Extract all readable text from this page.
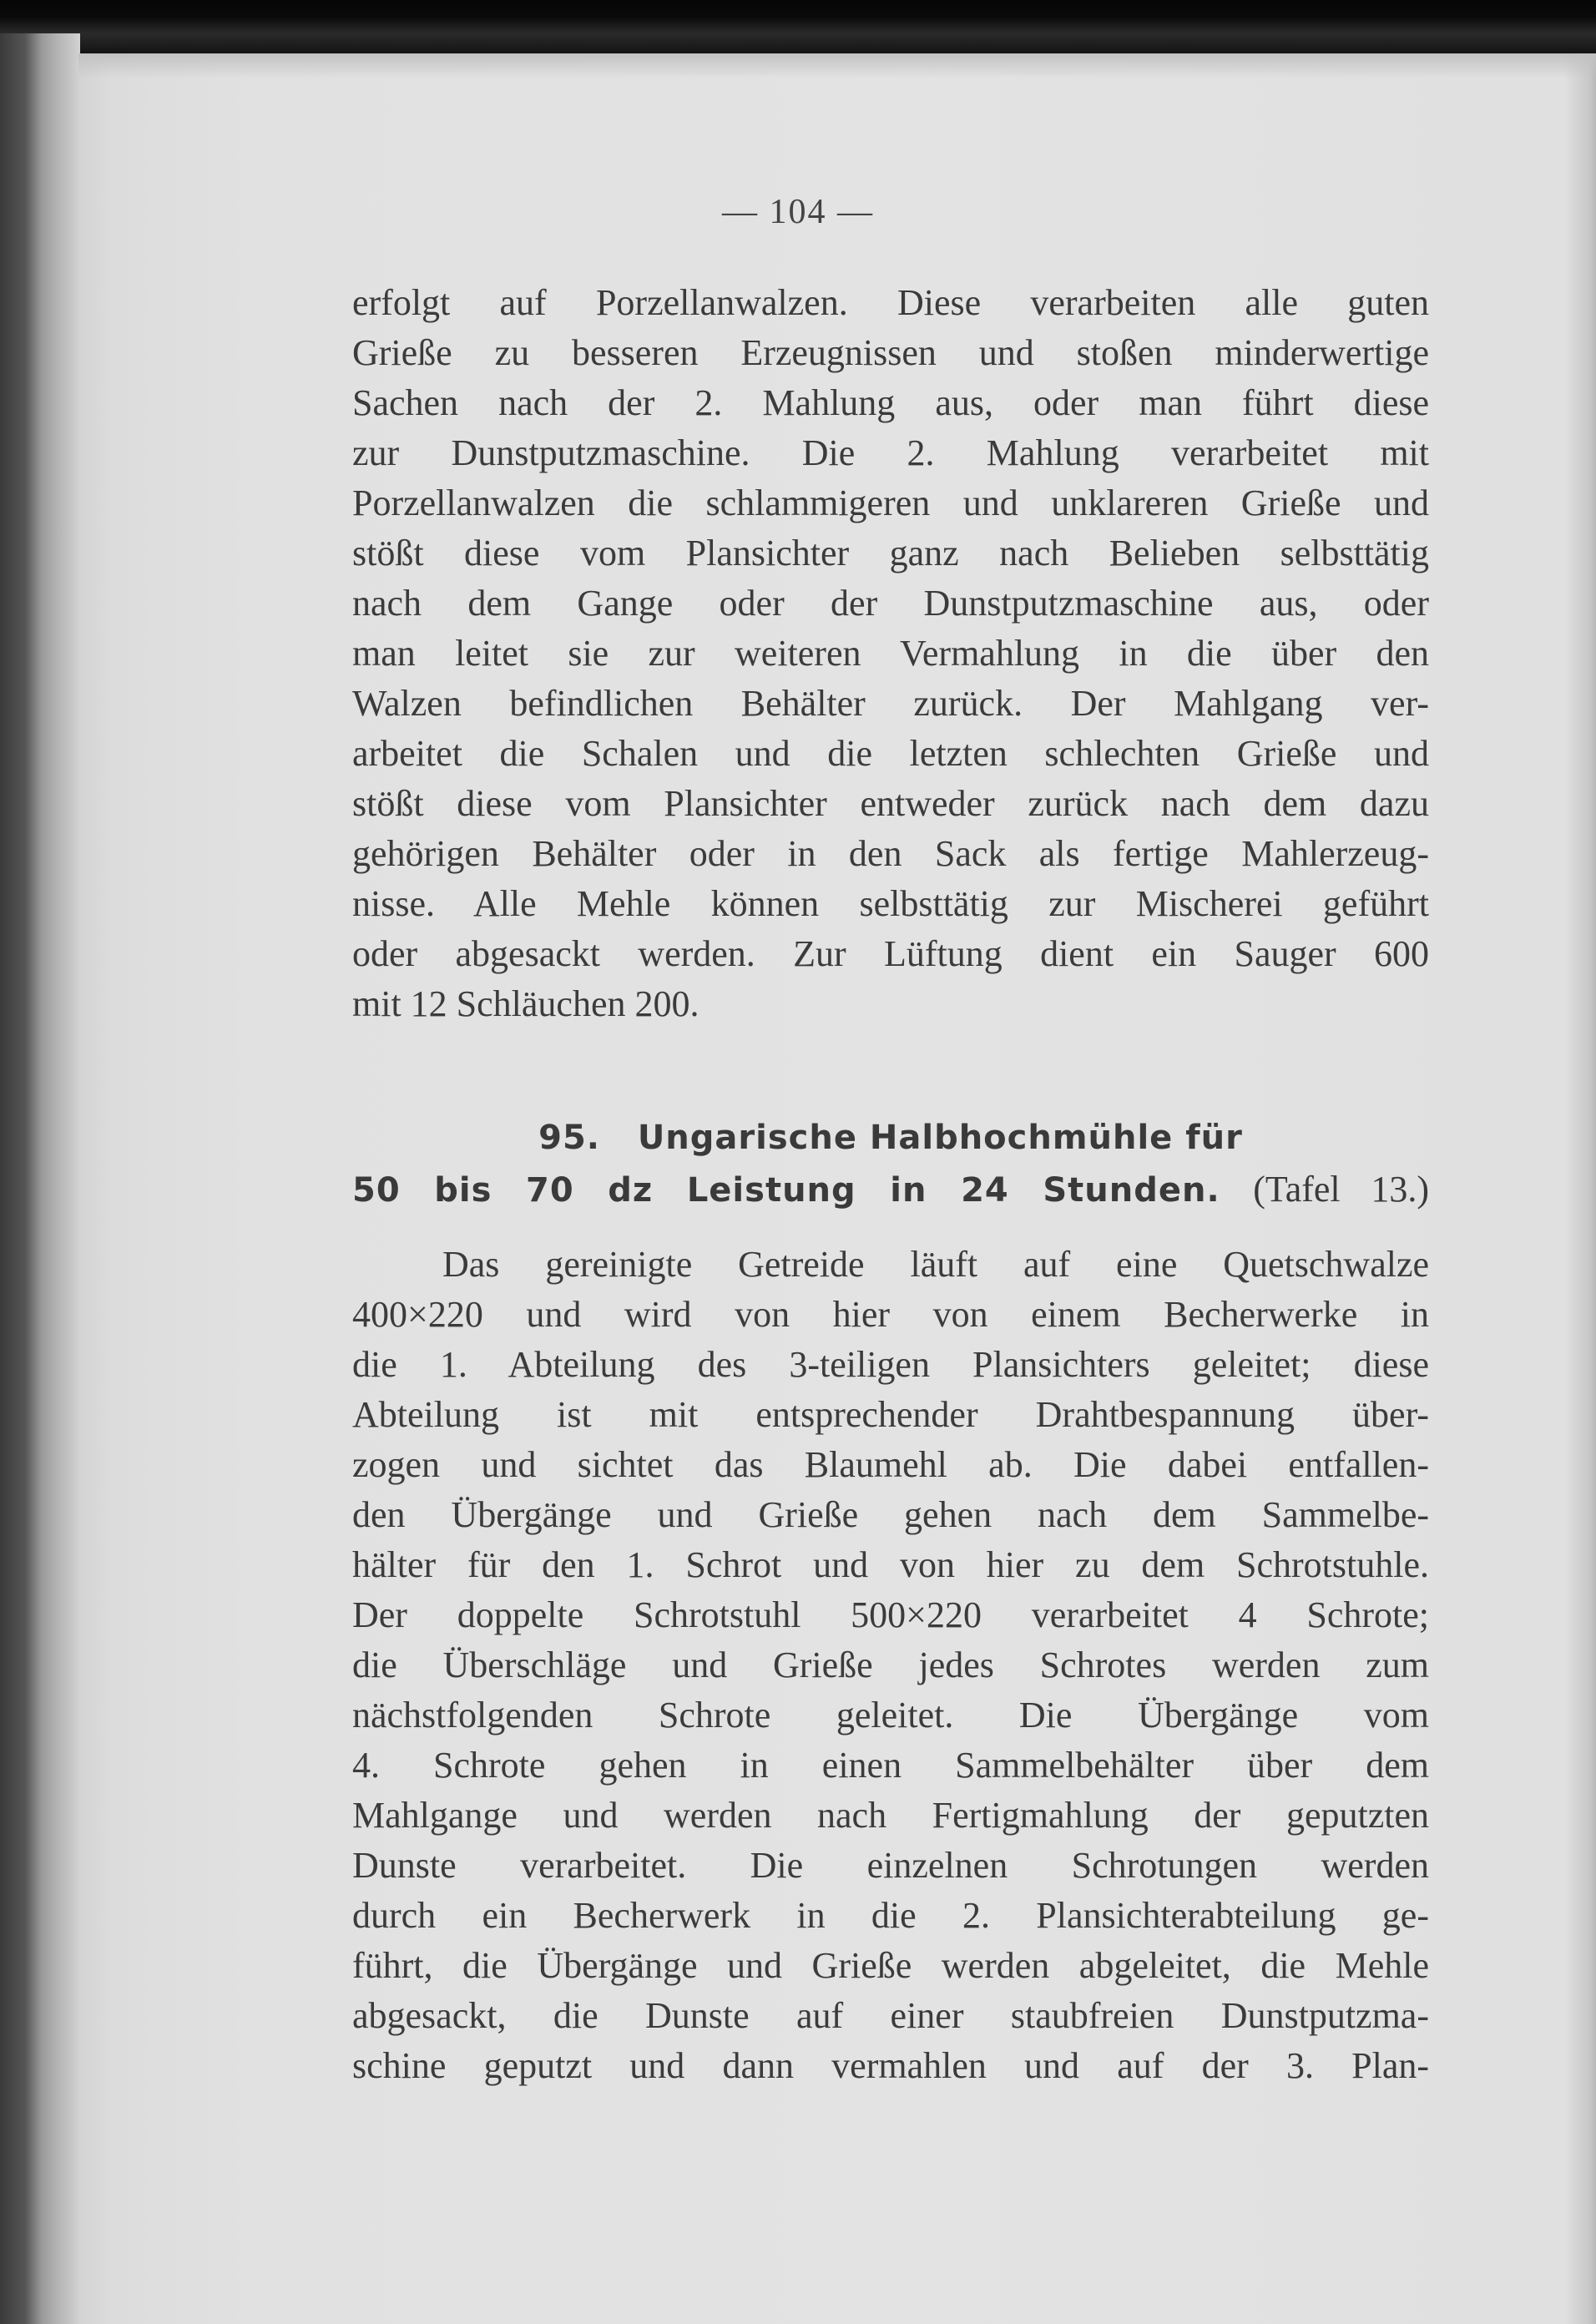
— 104 —
erfolgt auf Porzellanwalzen. Diese verarbeiten alle guten
Grieße zu besseren Erzeugnissen und stoßen minderwertige
Sachen nach der 2. Mahlung aus, oder man führt diese
zur Dunstputzmaschine. Die 2. Mahlung verarbeitet mit
Porzellanwalzen die schlammigeren und unklareren Grieße und
stößt diese vom Plansichter ganz nach Belieben selbsttätig
nach dem Gange oder der Dunstputzmaschine aus, oder
man leitet sie zur weiteren Vermahlung in die über den
Walzen befindlichen Behälter zurück. Der Mahlgang ver-
arbeitet die Schalen und die letzten schlechten Grieße und
stößt diese vom Plansichter entweder zurück nach dem dazu
gehörigen Behälter oder in den Sack als fertige Mahlerzeug-
nisse. Alle Mehle können selbsttätig zur Mischerei geführt
oder abgesackt werden. Zur Lüftung dient ein Sauger 600
mit 12 Schläuchen 200.
95. Ungarische Halbhochmühle für
50 bis 70 dz Leistung in 24 Stunden. (Tafel 13.)
Das gereinigte Getreide läuft auf eine Quetschwalze
400×220 und wird von hier von einem Becherwerke in
die 1. Abteilung des 3-teiligen Plansichters geleitet; diese
Abteilung ist mit entsprechender Drahtbespannung über-
zogen und sichtet das Blaumehl ab. Die dabei entfallen-
den Übergänge und Grieße gehen nach dem Sammelbe-
hälter für den 1. Schrot und von hier zu dem Schrotstuhle.
Der doppelte Schrotstuhl 500×220 verarbeitet 4 Schrote;
die Überschläge und Grieße jedes Schrotes werden zum
nächstfolgenden Schrote geleitet. Die Übergänge vom
4. Schrote gehen in einen Sammelbehälter über dem
Mahlgange und werden nach Fertigmahlung der geputzten
Dunste verarbeitet. Die einzelnen Schrotungen werden
durch ein Becherwerk in die 2. Plansichterabteilung ge-
führt, die Übergänge und Grieße werden abgeleitet, die Mehle
abgesackt, die Dunste auf einer staubfreien Dunstputzma-
schine geputzt und dann vermahlen und auf der 3. Plan-
